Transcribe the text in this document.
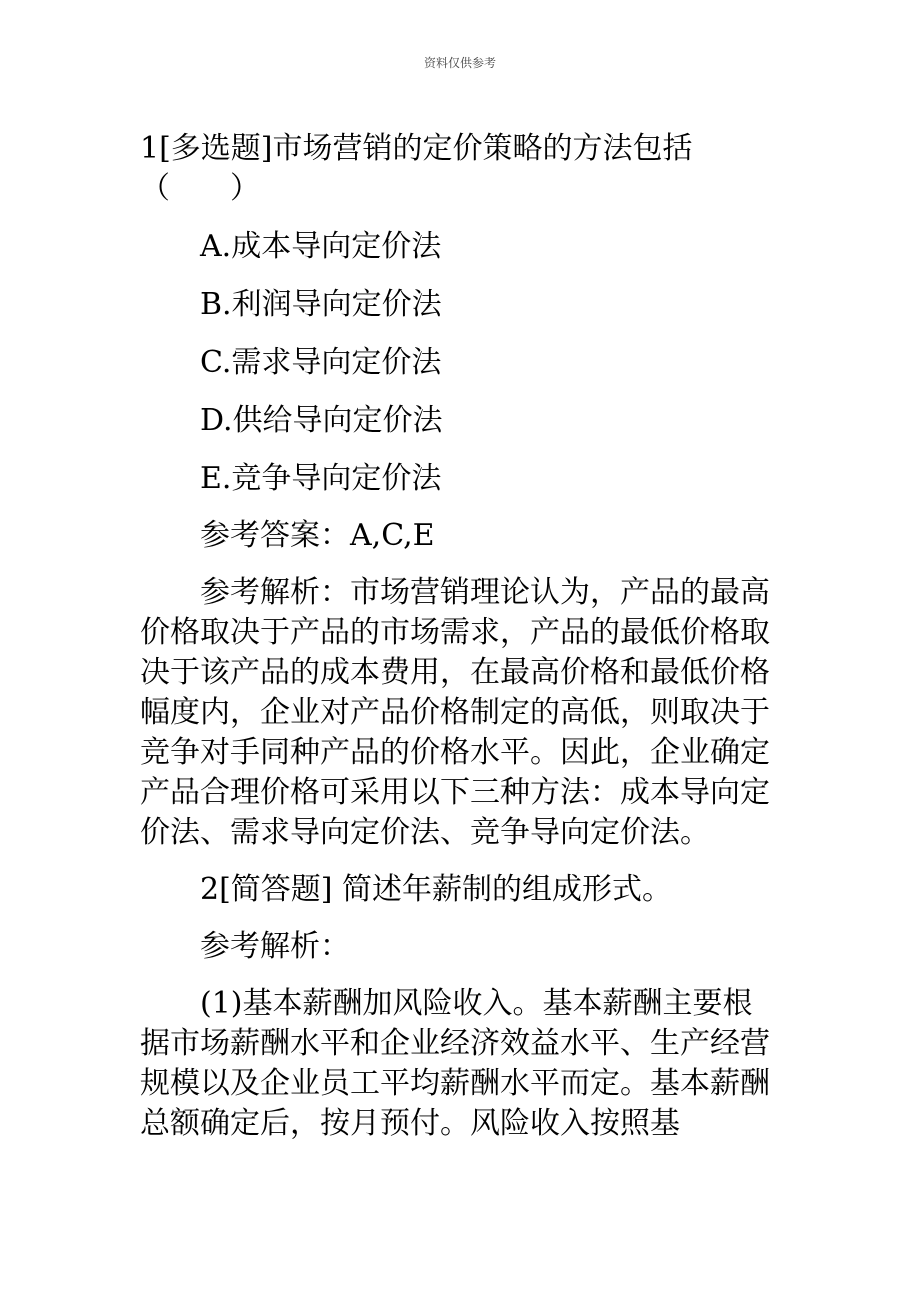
资料仅供参考

1[多选题]市场营销的定价策略的方法包括（　　）

A.成本导向定价法

B.利润导向定价法

C.需求导向定价法

D.供给导向定价法

E.竞争导向定价法

参考答案：A,C,E

参考解析：市场营销理论认为，产品的最高价格取决于产品的市场需求，产品的最低价格取决于该产品的成本费用，在最高价格和最低价格幅度内，企业对产品价格制定的高低，则取决于竞争对手同种产品的价格水平。因此，企业确定产品合理价格可采用以下三种方法：成本导向定价法、需求导向定价法、竞争导向定价法。

2[简答题] 简述年薪制的组成形式。

参考解析：

(1)基本薪酬加风险收入。基本薪酬主要根据市场薪酬水平和企业经济效益水平、生产经营规模以及企业员工平均薪酬水平而定。基本薪酬总额确定后，按月预付。风险收入按照基
